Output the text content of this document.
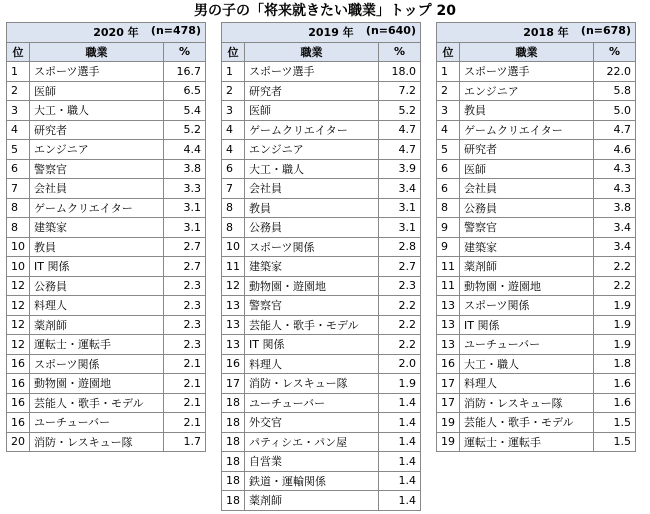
男の子の「将来就きたい職業」トップ 20
2020 年 (n=478)		

位	職業	%
1	スポーツ選手	16.7
2	医師	6.5
3	大工・職人	5.4
4	研究者	5.2
5	エンジニア	4.4
6	警察官	3.8
7	会社員	3.3
8	ゲームクリエイター	3.1
8	建築家	3.1
10	教員	2.7
10	IT 関係	2.7
12	公務員	2.3
12	料理人	2.3
12	薬剤師	2.3
12	運転士・運転手	2.3
16	スポーツ関係	2.1
16	動物園・遊園地	2.1
16	芸能人・歌手・モデル	2.1
16	ユーチューバー	2.1
20	消防・レスキュー隊	1.7
2019 年 (n=640)		

位	職業	%
1	スポーツ選手	18.0
2	研究者	7.2
3	医師	5.2
4	ゲームクリエイター	4.7
4	エンジニア	4.7
6	大工・職人	3.9
7	会社員	3.4
8	教員	3.1
8	公務員	3.1
10	スポーツ関係	2.8
11	建築家	2.7
12	動物園・遊園地	2.3
13	警察官	2.2
13	芸能人・歌手・モデル	2.2
13	IT 関係	2.2
16	料理人	2.0
17	消防・レスキュー隊	1.9
18	ユーチューバー	1.4
18	外交官	1.4
18	パティシエ・パン屋	1.4
18	自営業	1.4
18	鉄道・運輸関係	1.4
18	薬剤師	1.4
2018 年 (n=678)		

位	職業	%
1	スポーツ選手	22.0
2	エンジニア	5.8
3	教員	5.0
4	ゲームクリエイター	4.7
5	研究者	4.6
6	医師	4.3
6	会社員	4.3
8	公務員	3.8
9	警察官	3.4
9	建築家	3.4
11	薬剤師	2.2
11	動物園・遊園地	2.2
13	スポーツ関係	1.9
13	IT 関係	1.9
13	ユーチューバー	1.9
16	大工・職人	1.8
17	料理人	1.6
17	消防・レスキュー隊	1.6
19	芸能人・歌手・モデル	1.5
19	運転士・運転手	1.5
